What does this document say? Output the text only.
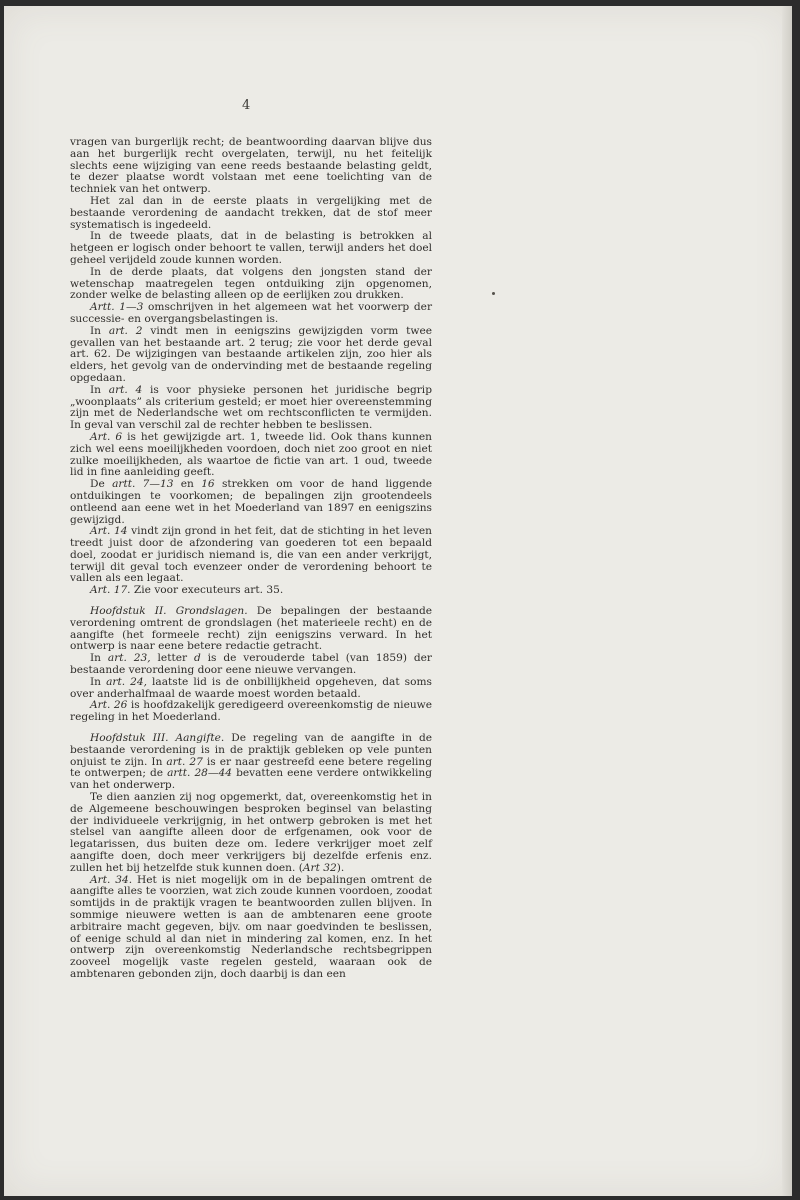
4

vragen van burgerlijk recht; de beantwoording daarvan blijve dus aan het burgerlijk recht overgelaten, terwijl, nu het feitelijk slechts eene wijziging van eene reeds bestaande belasting geldt, te dezer plaatse wordt volstaan met eene toelichting van de techniek van het ontwerp.

Het zal dan in de eerste plaats in vergelijking met de bestaande verordening de aandacht trekken, dat de stof meer systematisch is ingedeeld.

In de tweede plaats, dat in de belasting is betrokken al hetgeen er logisch onder behoort te vallen, terwijl anders het doel geheel verijdeld zoude kunnen worden.

In de derde plaats, dat volgens den jongsten stand der wetenschap maatregelen tegen ontduiking zijn opgenomen, zonder welke de belasting alleen op de eerlijken zou drukken.

Artt. 1—3 omschrijven in het algemeen wat het voorwerp der successie- en overgangsbelastingen is.

In art. 2 vindt men in eenigszins gewijzigden vorm twee gevallen van het bestaande art. 2 terug; zie voor het derde geval art. 62. De wijzigingen van bestaande artikelen zijn, zoo hier als elders, het gevolg van de ondervinding met de bestaande regeling opgedaan.

In art. 4 is voor physieke personen het juridische begrip „woonplaats” als criterium gesteld; er moet hier overeenstemming zijn met de Nederlandsche wet om rechtsconflicten te vermijden. In geval van verschil zal de rechter hebben te beslissen.

Art. 6 is het gewijzigde art. 1, tweede lid. Ook thans kunnen zich wel eens moeilijkheden voordoen, doch niet zoo groot en niet zulke moeilijkheden, als waartoe de fictie van art. 1 oud, tweede lid in fine aanleiding geeft.

De artt. 7—13 en 16 strekken om voor de hand liggende ontduikingen te voorkomen; de bepalingen zijn grootendeels ontleend aan eene wet in het Moederland van 1897 en eenigszins gewijzigd.

Art. 14 vindt zijn grond in het feit, dat de stichting in het leven treedt juist door de afzondering van goederen tot een bepaald doel, zoodat er juridisch niemand is, die van een ander verkrijgt, terwijl dit geval toch evenzeer onder de verordening behoort te vallen als een legaat.

Art. 17. Zie voor executeurs art. 35.

Hoofdstuk II. Grondslagen. De bepalingen der bestaande verordening omtrent de grondslagen (het materieele recht) en de aangifte (het formeele recht) zijn eenigszins verward. In het ontwerp is naar eene betere redactie getracht.

In art. 23, letter d is de verouderde tabel (van 1859) der bestaande verordening door eene nieuwe vervangen.

In art. 24, laatste lid is de onbillijkheid opgeheven, dat soms over anderhalfmaal de waarde moest worden betaald.

Art. 26 is hoofdzakelijk geredigeerd overeenkomstig de nieuwe regeling in het Moederland.

Hoofdstuk III. Aangifte. De regeling van de aangifte in de bestaande verordening is in de praktijk gebleken op vele punten onjuist te zijn. In art. 27 is er naar gestreefd eene betere regeling te ontwerpen; de artt. 28—44 bevatten eene verdere ontwikkeling van het onderwerp.

Te dien aanzien zij nog opgemerkt, dat, overeenkomstig het in de Algemeene beschouwingen besproken beginsel van belasting der individueele verkrijgnig, in het ontwerp gebroken is met het stelsel van aangifte alleen door de erfgenamen, ook voor de legatarissen, dus buiten deze om. Iedere verkrijger moet zelf aangifte doen, doch meer verkrijgers bij dezelfde erfenis enz. zullen het bij hetzelfde stuk kunnen doen. (Art 32).

Art. 34. Het is niet mogelijk om in de bepalingen omtrent de aangifte alles te voorzien, wat zich zoude kunnen voordoen, zoodat somtijds in de praktijk vragen te beantwoorden zullen blijven. In sommige nieuwere wetten is aan de ambtenaren eene groote arbitraire macht gegeven, bijv. om naar goedvinden te beslissen, of eenige schuld al dan niet in mindering zal komen, enz. In het ontwerp zijn overeenkomstig Nederlandsche rechtsbegrippen zooveel mogelijk vaste regelen gesteld, waaraan ook de ambtenaren gebonden zijn, doch daarbij is dan een
